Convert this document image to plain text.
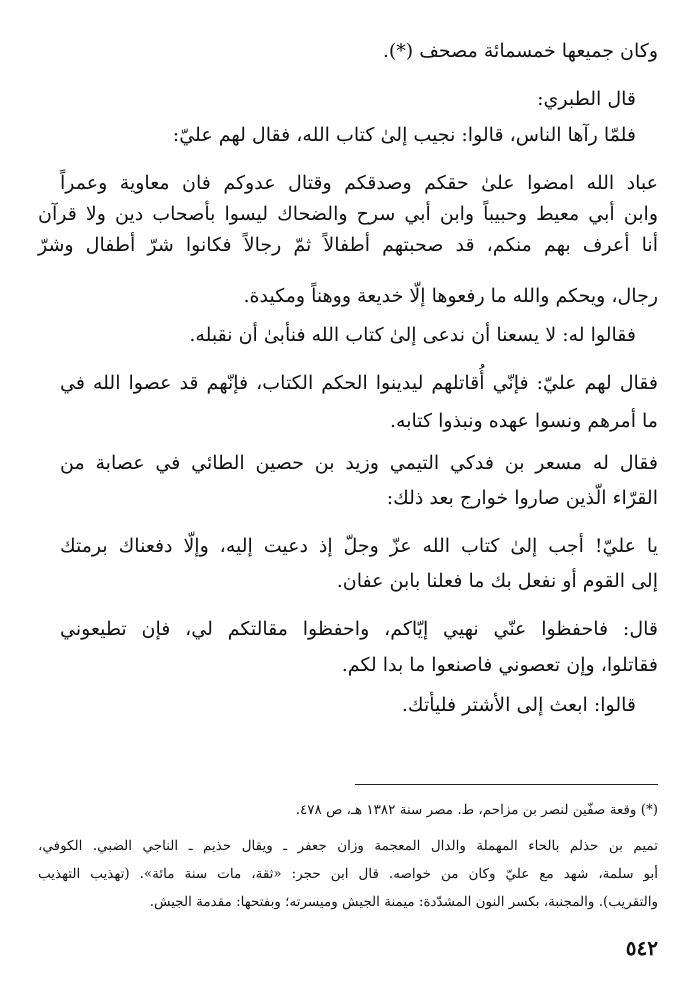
وكان جميعها خمسمائة مصحف (*).
قال الطبري:
فلمّا رآها الناس، قالوا: نجيب إلىٰ كتاب الله، فقال لهم عليّ:
عباد الله امضوا علىٰ حقكم وصدقكم وقتال عدوكم فان معاوية وعمراً
وابن أبي معيط وحبيباً وابن أبي سرح والضحاك ليسوا بأصحاب دين ولا قرآن
أنا أعرف بهم منكم، قد صحبتهم أطفالاً ثمّ رجالاً فكانوا شرّ أطفال وشرّ
رجال، ويحكم والله ما رفعوها إلّا خديعة ووهناً ومكيدة.
فقالوا له: لا يسعنا أن ندعى إلىٰ كتاب الله فنأبىٰ أن نقبله.
فقال لهم عليّ: فإنّي أُقاتلهم ليدينوا الحكم الكتاب، فإنّهم قد عصوا الله في
ما أمرهم ونسوا عهده ونبذوا كتابه.
فقال له مسعر بن فدكي التيمي وزيد بن حصين الطائي في عصابة من
القرّاء الّذين صاروا خوارج بعد ذلك:
يا عليّ! أجب إلىٰ كتاب الله عزّ وجلّ إذ دعيت إليه، وإلّا دفعناك برمتك
إلى القوم أو نفعل بك ما فعلنا بابن عفان.
قال: فاحفظوا عنّي نهيي إيّاكم، واحفظوا مقالتكم لي، فإن تطيعوني
فقاتلوا، وإن تعصوني فاصنعوا ما بدا لكم.
قالوا: ابعث إلى الأشتر فليأتك.
(*) وقعة صفّين لنصر بن مزاحم، ط. مصر سنة ١٣٨٢ هـ، ص ٤٧٨.
تميم بن حذلم بالحاء المهملة والدال المعجمة وزان جعفر ـ ويقال حذيم ـ الناجي الضبي. الكوفي،
أبو سلمة، شهد مع عليّ وكان من خواصه. قال ابن حجر: «ثقة، مات سنة مائة». (تهذيب التهذيب
والتقريب). والمجنبة، بكسر النون المشدّدة: ميمنة الجيش وميسرته؛ وبفتحها: مقدمة الجيش.
٥٤٢
